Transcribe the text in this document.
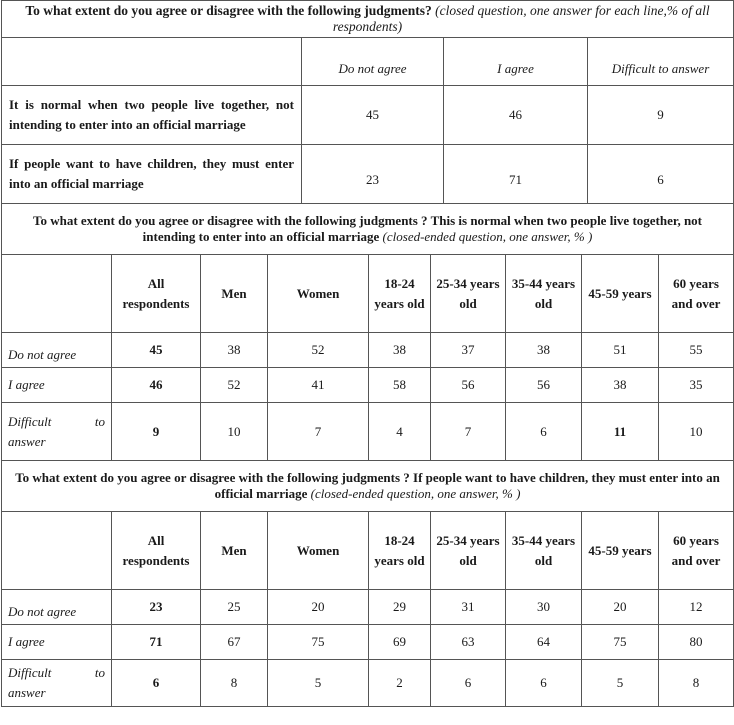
To what extent do you agree or disagree with the following judgments? (closed question, one answer for each line,% of all respondents)			
	Do not agree	I agree	Difficult to answer
It is normal when two people live together, not intending to enter into an official marriage	45	46	9
If people want to have children, they must enter into an official marriage	23	71	6
To what extent do you agree or disagree with the following judgments ? This is normal when two people live together, not intending to enter into an official marriage (closed-ended question, one answer, % )								
	All respondents	Men	Women	18-24 years old	25-34 years old	35-44 years old	45-59 years	60 years and over
Do not agree	45	38	52	38	37	38	51	55
I agree	46	52	41	58	56	56	38	35

Difficult to
answer	9	10	7	4	7	6	11	10
To what extent do you agree or disagree with the following judgments ? If people want to have children, they must enter into an official marriage (closed-ended question, one answer, % )								
	All respondents	Men	Women	18-24 years old	25-34 years old	35-44 years old	45-59 years	60 years and over
Do not agree	23	25	20	29	31	30	20	12
I agree	71	67	75	69	63	64	75	80

Difficult to
answer	6	8	5	2	6	6	5	8
